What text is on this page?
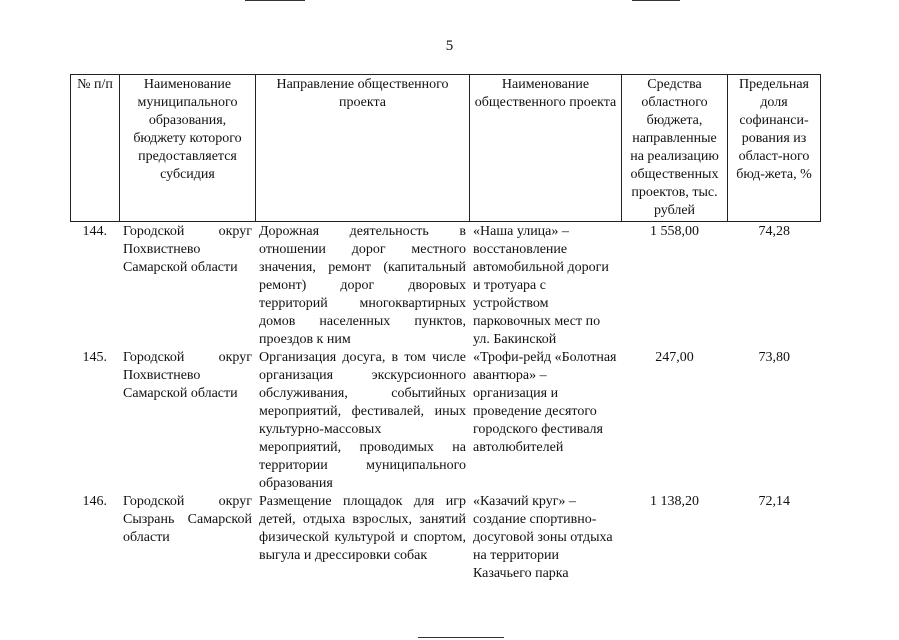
5
№ п/п	Наименование муниципального образования, бюджету которого предоставляется субсидия	Направление общественного проекта	Наименование общественного проекта	Средства областного бюджета, направленные на реализацию общественных проектов, тыс. рублей	Предельная доля софинанси-рования из област-ного бюд-жета, %
144.	Городской округ Похвистнево Самарской области	Дорожная деятельность в отношении дорог местного значения, ремонт (капитальный ремонт) дорог дворовых территорий многоквартирных домов населенных пунктов, проездов к ним	«Наша улица» – восстановление автомобильной дороги и тротуара с устройством парковочных мест по ул. Бакинской	1 558,00	74,28
145.	Городской округ Похвистнево Самарской области	Организация досуга, в том числе организация экскурсионного обслуживания, событийных мероприятий, фестивалей, иных культурно-массовых мероприятий, проводимых на территории муниципального образования	«Трофи-рейд «Болотная авантюра» – организация и проведение десятого городского фестиваля автолюбителей	247,00	73,80
146.	Городской округ Сызрань Самарской области	Размещение площадок для игр детей, отдыха взрослых, занятий физической культурой и спортом, выгула и дрессировки собак	«Казачий круг» – создание спортивно-досуговой зоны отдыха на территории Казачьего парка	1 138,20	72,14
